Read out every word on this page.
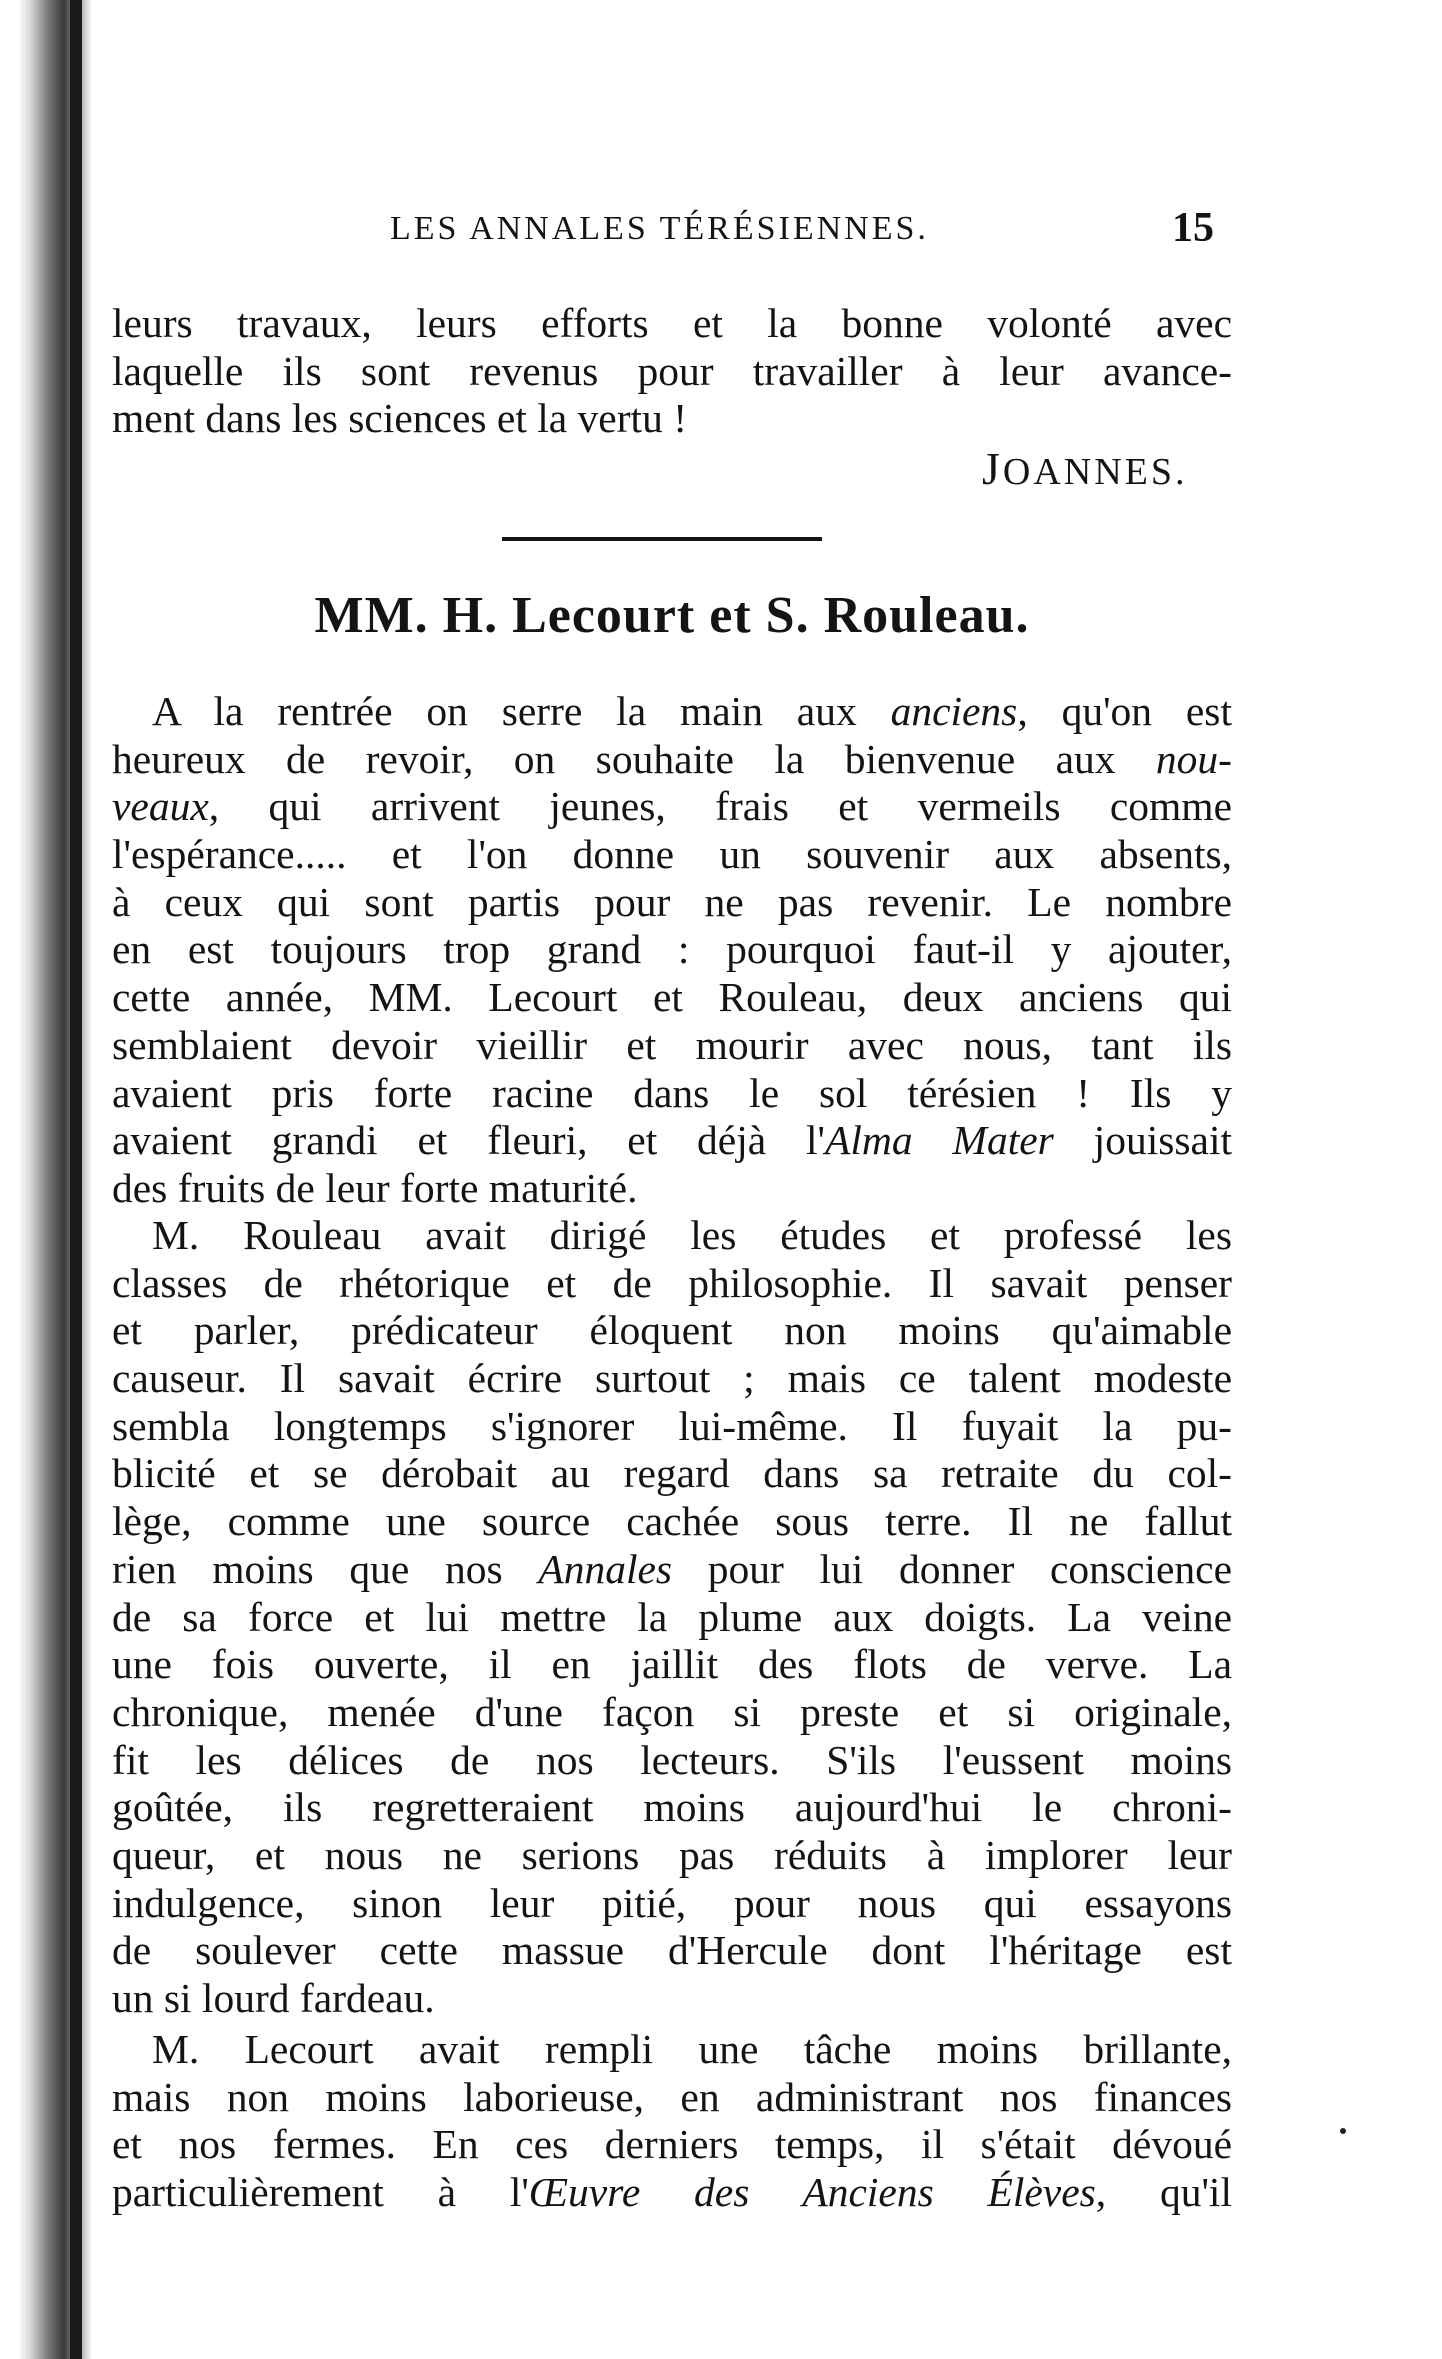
LES ANNALES TÉRÉSIENNES.	15
leurs travaux, leurs efforts et la bonne volonté avec
laquelle ils sont revenus pour travailler à leur avance-
ment dans les sciences et la vertu !
JOANNES.
MM. H. Lecourt et S. Rouleau.
A la rentrée on serre la main aux anciens, qu'on est
heureux de revoir, on souhaite la bienvenue aux nou-
veaux, qui arrivent jeunes, frais et vermeils comme
l'espérance..... et l'on donne un souvenir aux absents,
à ceux qui sont partis pour ne pas revenir. Le nombre
en est toujours trop grand : pourquoi faut-il y ajouter,
cette année, MM. Lecourt et Rouleau, deux anciens qui
semblaient devoir vieillir et mourir avec nous, tant ils
avaient pris forte racine dans le sol térésien ! Ils y
avaient grandi et fleuri, et déjà l'Alma Mater jouissait
des fruits de leur forte maturité.
M. Rouleau avait dirigé les études et professé les
classes de rhétorique et de philosophie. Il savait penser
et parler, prédicateur éloquent non moins qu'aimable
causeur. Il savait écrire surtout ; mais ce talent modeste
sembla longtemps s'ignorer lui-même. Il fuyait la pu-
blicité et se dérobait au regard dans sa retraite du col-
lège, comme une source cachée sous terre. Il ne fallut
rien moins que nos Annales pour lui donner conscience
de sa force et lui mettre la plume aux doigts. La veine
une fois ouverte, il en jaillit des flots de verve. La
chronique, menée d'une façon si preste et si originale,
fit les délices de nos lecteurs. S'ils l'eussent moins
goûtée, ils regretteraient moins aujourd'hui le chroni-
queur, et nous ne serions pas réduits à implorer leur
indulgence, sinon leur pitié, pour nous qui essayons
de soulever cette massue d'Hercule dont l'héritage est
un si lourd fardeau.
M. Lecourt avait rempli une tâche moins brillante,
mais non moins laborieuse, en administrant nos finances
et nos fermes. En ces derniers temps, il s'était dévoué
particulièrement à l'Œuvre des Anciens Élèves, qu'il
